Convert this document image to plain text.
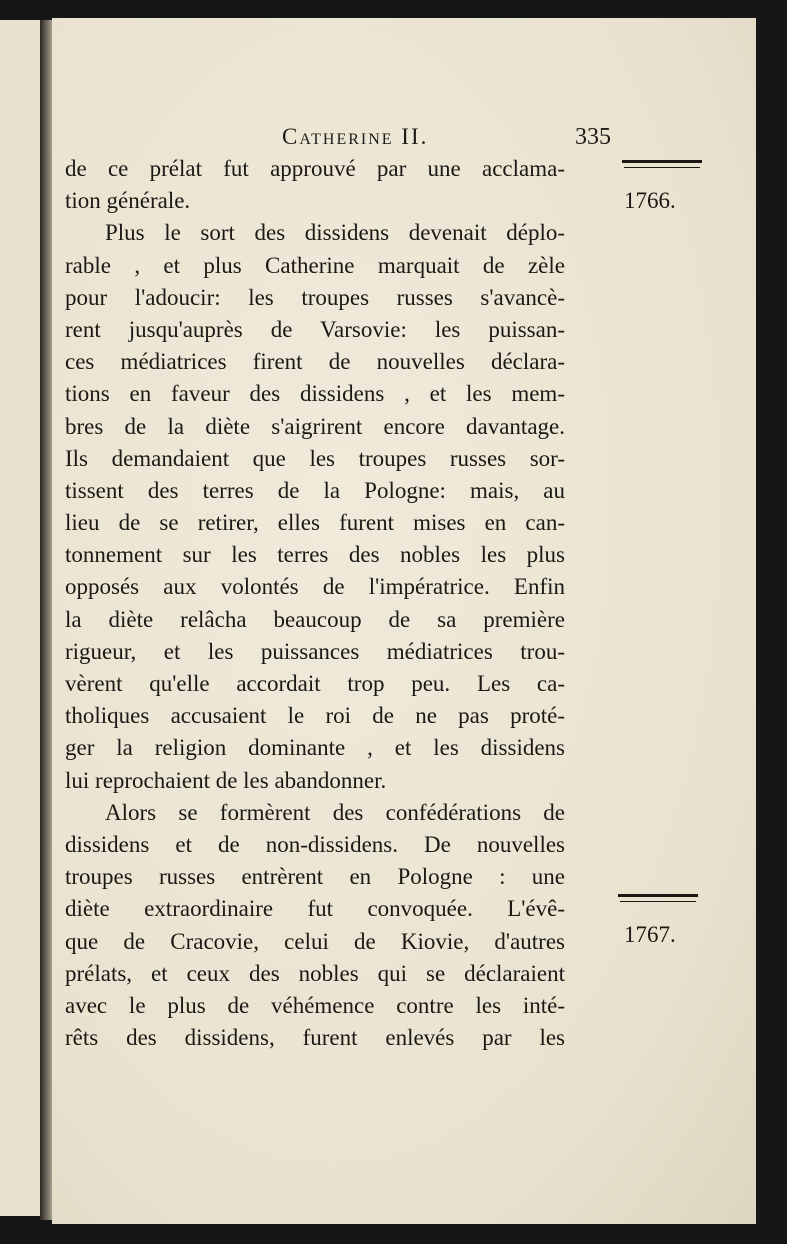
Catherine II.	335
1766.
1767.
de ce prélat fut approuvé par une acclama-
tion générale.
Plus le sort des dissidens devenait déplo-
rable , et plus Catherine marquait de zèle
pour l'adoucir: les troupes russes s'avancè-
rent jusqu'auprès de Varsovie: les puissan-
ces médiatrices firent de nouvelles déclara-
tions en faveur des dissidens , et les mem-
bres de la diète s'aigrirent encore davantage.
Ils demandaient que les troupes russes sor-
tissent des terres de la Pologne: mais, au
lieu de se retirer, elles furent mises en can-
tonnement sur les terres des nobles les plus
opposés aux volontés de l'impératrice. Enfin
la diète relâcha beaucoup de sa première
rigueur, et les puissances médiatrices trou-
vèrent qu'elle accordait trop peu. Les ca-
tholiques accusaient le roi de ne pas proté-
ger la religion dominante , et les dissidens
lui reprochaient de les abandonner.
Alors se formèrent des confédérations de
dissidens et de non-dissidens. De nouvelles
troupes russes entrèrent en Pologne : une
diète extraordinaire fut convoquée. L'évê-
que de Cracovie, celui de Kiovie, d'autres
prélats, et ceux des nobles qui se déclaraient
avec le plus de véhémence contre les inté-
rêts des dissidens, furent enlevés par les
